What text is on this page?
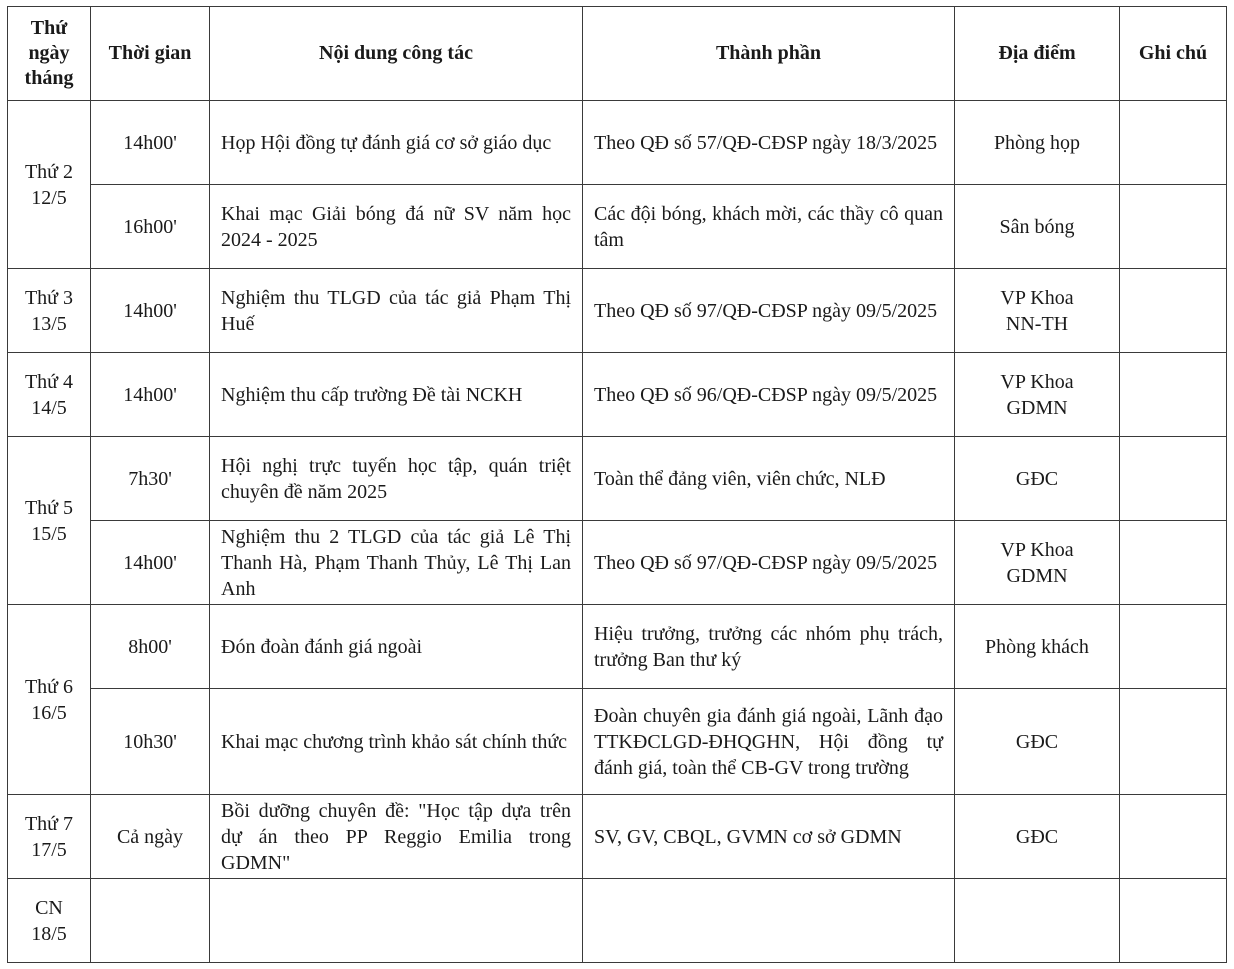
Thứ
ngày
tháng	Thời gian	Nội dung công tác	Thành phần	Địa điểm	Ghi chú

Thứ 2
12/5	14h00'	Họp Hội đồng tự đánh giá cơ sở giáo dục	Theo QĐ số 57/QĐ-CĐSP ngày 18/3/2025	Phòng họp	
	16h00'	Khai mạc Giải bóng đá nữ SV năm học 2024 - 2025	Các đội bóng, khách mời, các thầy cô quan tâm	Sân bóng	

Thứ 3
13/5	14h00'	Nghiệm thu TLGD của tác giả Phạm Thị Huế	Theo QĐ số 97/QĐ-CĐSP ngày 09/5/2025	VP Khoa
NN-TH	

Thứ 4
14/5	14h00'	Nghiệm thu cấp trường Đề tài NCKH	Theo QĐ số 96/QĐ-CĐSP ngày 09/5/2025	VP Khoa
GDMN	

Thứ 5
15/5	7h30'	Hội nghị trực tuyến học tập, quán triệt chuyên đề năm 2025	Toàn thể đảng viên, viên chức, NLĐ	GĐC	
	14h00'	Nghiệm thu 2 TLGD của tác giả Lê Thị Thanh Hà, Phạm Thanh Thủy, Lê Thị Lan Anh	Theo QĐ số 97/QĐ-CĐSP ngày 09/5/2025	VP Khoa
GDMN	

Thứ 6
16/5	8h00'	Đón đoàn đánh giá ngoài	Hiệu trưởng, trưởng các nhóm phụ trách, trưởng Ban thư ký	Phòng khách	
	10h30'	Khai mạc chương trình khảo sát chính thức	Đoàn chuyên gia đánh giá ngoài, Lãnh đạo TTKĐCLGD-ĐHQGHN, Hội đồng tự đánh giá, toàn thể CB-GV trong trường	GĐC	

Thứ 7
17/5	Cả ngày	Bồi dưỡng chuyên đề: "Học tập dựa trên dự án theo PP Reggio Emilia trong GDMN"	SV, GV, CBQL, GVMN cơ sở GDMN	GĐC	

CN
18/5					
